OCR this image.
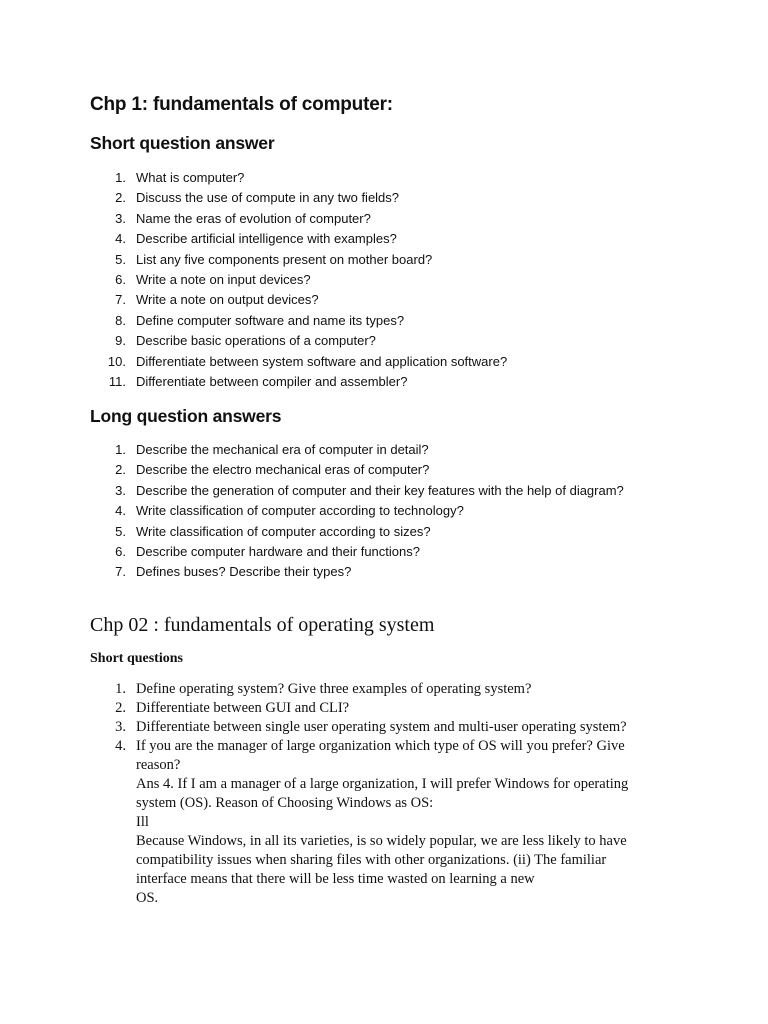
Chp 1: fundamentals of computer:
Short question answer
1. What is computer?
2. Discuss the use of compute in any two fields?
3. Name the eras of evolution of computer?
4. Describe artificial intelligence with examples?
5. List any five components present on mother board?
6. Write a note on input devices?
7. Write a note on output devices?
8. Define computer software and name its types?
9. Describe basic operations of a computer?
10. Differentiate between system software and application software?
11. Differentiate between compiler and assembler?
Long question answers
1. Describe the mechanical era of computer in detail?
2. Describe the electro mechanical eras of computer?
3. Describe the generation of computer and their key features with the help of diagram?
4. Write classification of computer according to technology?
5. Write classification of computer according to sizes?
6. Describe computer hardware and their functions?
7. Defines buses? Describe their types?
Chp 02 : fundamentals of operating system
Short questions
1. Define operating system? Give three examples of operating system?
2. Differentiate between GUI and CLI?
3. Differentiate between single user operating system and multi-user operating system?
4. If you are the manager of large organization which type of OS will you prefer? Give
reason?
Ans 4. If I am a manager of a large organization, I will prefer Windows for operating
system (OS). Reason of Choosing Windows as OS:
Ill
Because Windows, in all its varieties, is so widely popular, we are less likely to have
compatibility issues when sharing files with other organizations. (ii) The familiar
interface means that there will be less time wasted on learning a new
OS.
